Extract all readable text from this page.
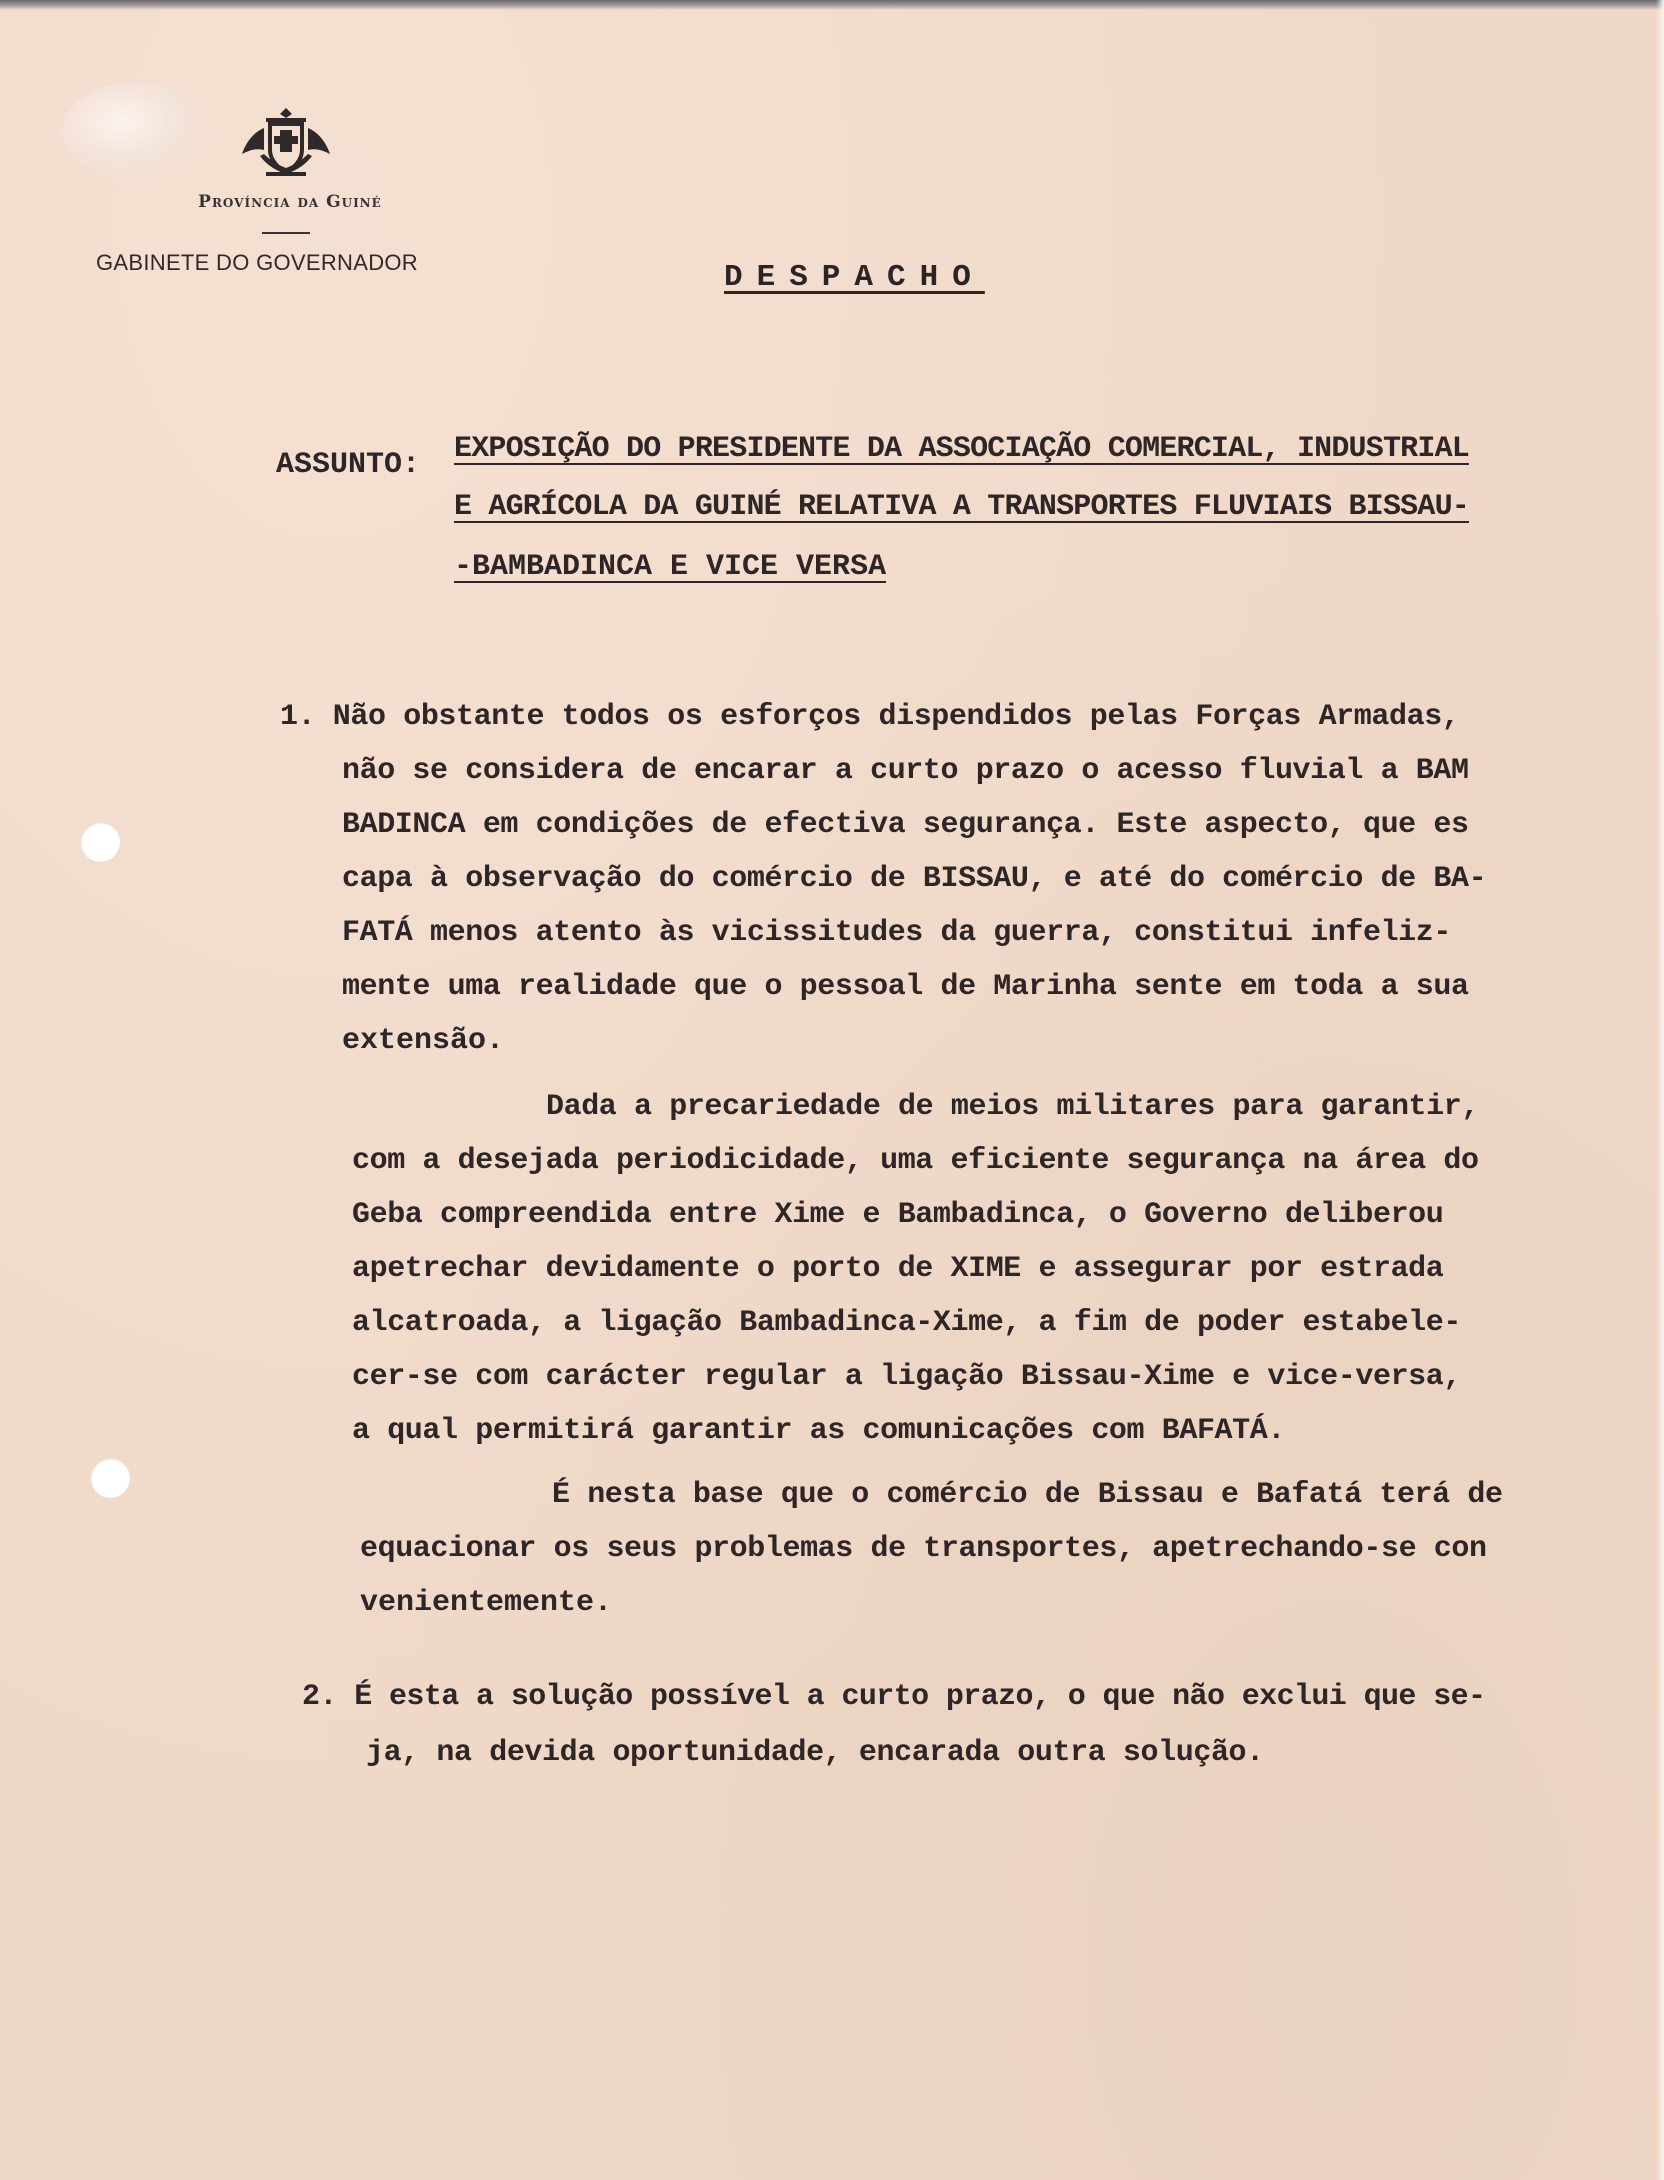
Província da Guiné
GABINETE DO GOVERNADOR	DESPACHO
ASSUNTO: EXPOSIÇÃO DO PRESIDENTE DA ASSOCIAÇÃO COMERCIAL, INDUSTRIAL
E AGRÍCOLA DA GUINÉ RELATIVA A TRANSPORTES FLUVIAIS BISSAU-
-BAMBADINCA E VICE VERSA
1. Não obstante todos os esforços dispendidos pelas Forças Armadas,
não se considera de encarar a curto prazo o acesso fluvial a BAM
BADINCA em condições de efectiva segurança. Este aspecto, que es
capa à observação do comércio de BISSAU, e até do comércio de BA-
FATÁ menos atento às vicissitudes da guerra, constitui infeliz-
mente uma realidade que o pessoal de Marinha sente em toda a sua
extensão.
Dada a precariedade de meios militares para garantir,
com a desejada periodicidade, uma eficiente segurança na área do
Geba compreendida entre Xime e Bambadinca, o Governo deliberou
apetrechar devidamente o porto de XIME e assegurar por estrada
alcatroada, a ligação Bambadinca-Xime, a fim de poder estabele-
cer-se com carácter regular a ligação Bissau-Xime e vice-versa,
a qual permitirá garantir as comunicações com BAFATÁ.
É nesta base que o comércio de Bissau e Bafatá terá de
equacionar os seus problemas de transportes, apetrechando-se con
venientemente.
2. É esta a solução possível a curto prazo, o que não exclui que se-
ja, na devida oportunidade, encarada outra solução.
